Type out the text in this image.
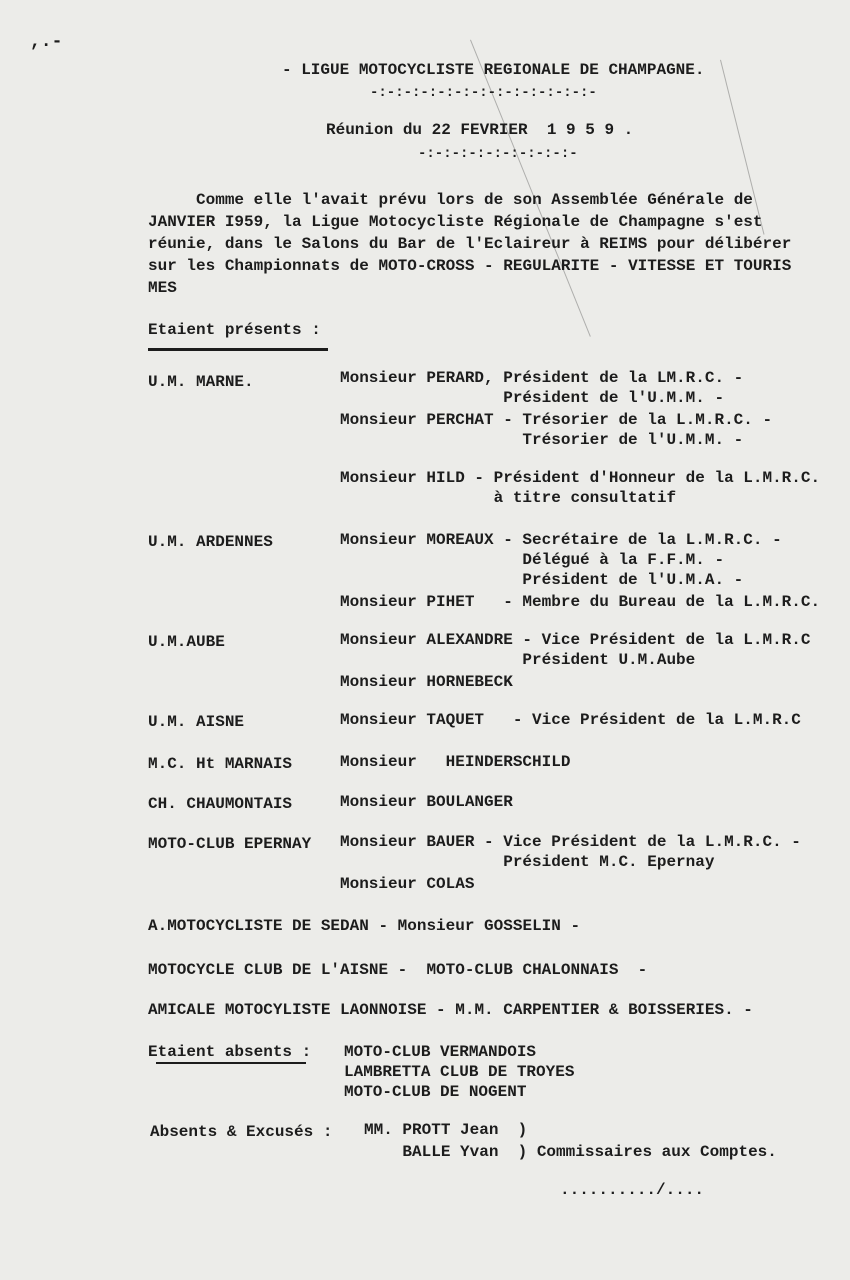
,.-
- LIGUE MOTOCYCLISTE REGIONALE DE CHAMPAGNE.
-:-:-:-:-:-:-:-:-:-:-:-:-:-
Réunion du 22 FEVRIER  1 9 5 9 .
-:-:-:-:-:-:-:-:-:-
Comme elle l'avait prévu lors de son Assemblée Générale de
JANVIER I959, la Ligue Motocycliste Régionale de Champagne s'est
réunie, dans le Salons du Bar de l'Eclaireur à REIMS pour délibérer
sur les Championnats de MOTO-CROSS - REGULARITE - VITESSE ET TOURIS
MES
Etaient présents :
U.M. MARNE.	Monsieur PERARD, Président de la LM.R.C. -
Président de l'U.M.M. -
Monsieur PERCHAT - Trésorier de la L.M.R.C. -
Trésorier de l'U.M.M. -
Monsieur HILD - Président d'Honneur de la L.M.R.C.
à titre consultatif
U.M. ARDENNES	Monsieur MOREAUX - Secrétaire de la L.M.R.C. -
Délégué à la F.F.M. -
Président de l'U.M.A. -
Monsieur PIHET   - Membre du Bureau de la L.M.R.C.
U.M.AUBE	Monsieur ALEXANDRE - Vice Président de la L.M.R.C
Président U.M.Aube
Monsieur HORNEBECK
U.M. AISNE	Monsieur TAQUET   - Vice Président de la L.M.R.C
M.C. Ht MARNAIS	Monsieur   HEINDERSCHILD
CH. CHAUMONTAIS	Monsieur BOULANGER
MOTO-CLUB EPERNAY Monsieur BAUER - Vice Président de la L.M.R.C. -
Président M.C. Epernay
Monsieur COLAS
A.MOTOCYCLISTE DE SEDAN - Monsieur GOSSELIN -
MOTOCYCLE CLUB DE L'AISNE -  MOTO-CLUB CHALONNAIS  -
AMICALE MOTOCYLISTE LAONNOISE - M.M. CARPENTIER & BOISSERIES. -
Etaient absents : MOTO-CLUB VERMANDOIS
LAMBRETTA CLUB DE TROYES
MOTO-CLUB DE NOGENT
Absents & Excusés : MM. PROTT Jean  )
BALLE Yvan  ) Commissaires aux Comptes.
........../....
